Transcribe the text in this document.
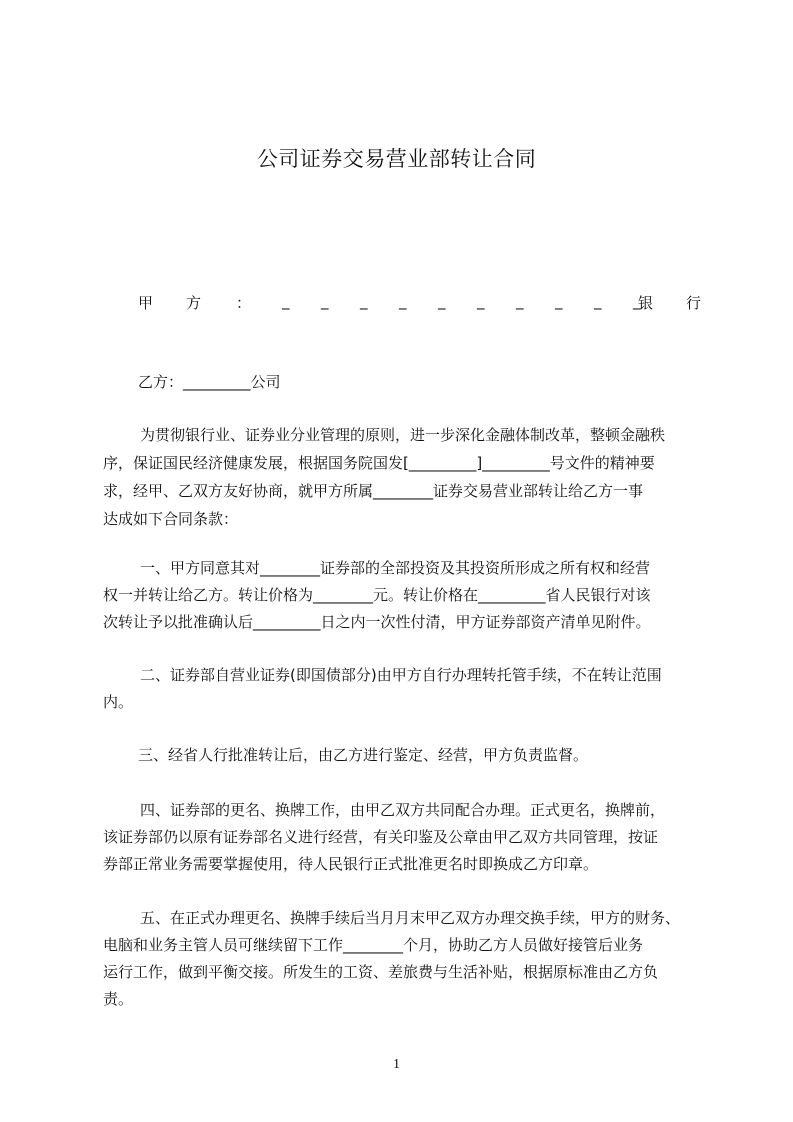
公司证券交易营业部转让合同
甲 方 ： _ _ _ _ _ _ _ _ _ _
银 行
乙方：_________公司
为贯彻银行业、证券业分业管理的原则，进一步深化金融体制改革，整顿金融秩
序，保证国民经济健康发展，根据国务院国发[_________]_________号文件的精神要
求，经甲、乙双方友好协商，就甲方所属________证券交易营业部转让给乙方一事
达成如下合同条款：
一、甲方同意其对________证券部的全部投资及其投资所形成之所有权和经营
权一并转让给乙方。转让价格为________元。转让价格在_________省人民银行对该
次转让予以批准确认后_________日之内一次性付清，甲方证券部资产清单见附件。
二、证券部自营业证券(即国债部分)由甲方自行办理转托管手续，不在转让范围
内。
三、经省人行批准转让后，由乙方进行鉴定、经营，甲方负责监督。
四、证券部的更名、换牌工作，由甲乙双方共同配合办理。正式更名，换牌前，
该证券部仍以原有证券部名义进行经营，有关印鉴及公章由甲乙双方共同管理，按证
券部正常业务需要掌握使用，待人民银行正式批准更名时即换成乙方印章。
五、在正式办理更名、换牌手续后当月月末甲乙双方办理交换手续，甲方的财务、
电脑和业务主管人员可继续留下工作________个月，协助乙方人员做好接管后业务
运行工作，做到平衡交接。所发生的工资、差旅费与生活补贴，根据原标准由乙方负
责。
1
